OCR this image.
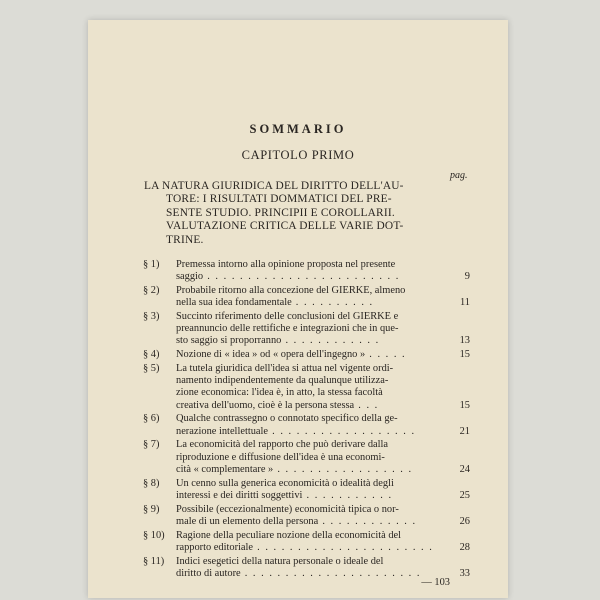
SOMMARIO
CAPITOLO PRIMO
pag.
LA NATURA GIURIDICA DEL DIRITTO DELL'AU-
TORE: I RISULTATI DOMMATICI DEL PRE-
SENTE STUDIO. PRINCIPII E COROLLARII.
VALUTAZIONE CRITICA DELLE VARIE DOT-
TRINE.
§ 1)	Premessa intorno alla opinione proposta nel presente
saggio . . . . . . . . . . . . . . . . . . . . . . . .	9
§ 2)	Probabile ritorno alla concezione del GIERKE, almeno
nella sua idea fondamentale . . . . . . . . . .	11
§ 3)	Succinto riferimento delle conclusioni del GIERKE e
preannuncio delle rettifiche e integrazioni che in que-
sto saggio si proporranno . . . . . . . . . . . .	13
§ 4)	Nozione di « idea » od « opera dell'ingegno » . . . . .	15
§ 5)	La tutela giuridica dell'idea si attua nel vigente ordi-
namento indipendentemente da qualunque utilizza-
zione economica: l'idea è, in atto, la stessa facoltà
creativa dell'uomo, cioè è la persona stessa . . .	15
§ 6)	Qualche contrassegno o connotato specifico della ge-
nerazione intellettuale . . . . . . . . . . . . . . . . . .	21
§ 7)	La economicità del rapporto che può derivare dalla
riproduzione e diffusione dell'idea è una economi-
cità « complementare » . . . . . . . . . . . . . . . . .	24
§ 8)	Un cenno sulla generica economicità o idealità degli
interessi e dei diritti soggettivi . . . . . . . . . . .	25
§ 9)	Possibile (eccezionalmente) economicità tipica o nor-
male di un elemento della persona . . . . . . . . . . . .	26
§ 10)	Ragione della peculiare nozione della economicità del
rapporto editoriale . . . . . . . . . . . . . . . . . . . . . .	28
§ 11)	Indici esegetici della natura personale o ideale del
diritto di autore . . . . . . . . . . . . . . . . . . . . . .	33
— 103
